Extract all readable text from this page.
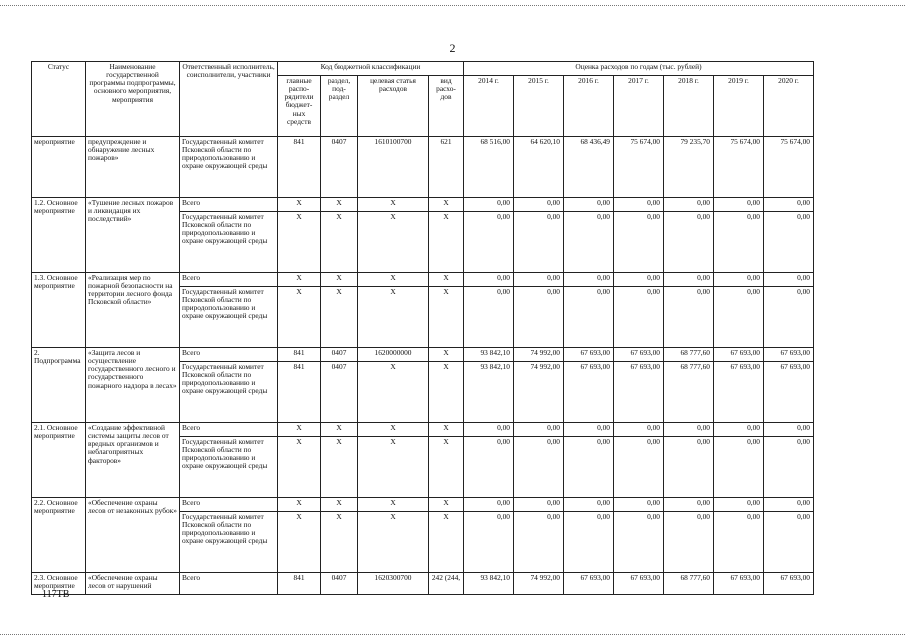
2
Статус	Наименование государственной программы подпрограммы, основного мероприятия, мероприятия	Ответственный исполнитель, соисполнители, участники	Код бюджетной классификации				Оценка расходов по годам (тыс. рублей)						
			главные распо-рядители бюджет-ных средств	раздел, под-раздел	целевая статья расходов	вид расхо-дов	2014 г.	2015 г.	2016 г.	2017 г.	2018 г.	2019 г.	2020 г.
мероприятие	предупреждение и обнаружение лесных пожаров»	Государственный комитет Псковской области по природопользованию и охране окружающей среды	841	0407	1610100700	621	68 516,00	64 620,10	68 436,49	75 674,00	79 235,70	75 674,00	75 674,00
1.2. Основное мероприятие	«Тушение лесных пожаров и ликвидация их последствий»	Всего	X	X	X	X	0,00	0,00	0,00	0,00	0,00	0,00	0,00
		Государственный комитет Псковской области по природопользованию и охране окружающей среды	X	X	X	X	0,00	0,00	0,00	0,00	0,00	0,00	0,00
1.3. Основное мероприятие	«Реализация мер по пожарной безопасности на территории лесного фонда Псковской области»	Всего	X	X	X	X	0,00	0,00	0,00	0,00	0,00	0,00	0,00
		Государственный комитет Псковской области по природопользованию и охране окружающей среды	X	X	X	X	0,00	0,00	0,00	0,00	0,00	0,00	0,00
2. Подпрограмма	«Защита лесов и осуществление государственного лесного и государственного пожарного надзора в лесах»	Всего	841	0407	1620000000	X	93 842,10	74 992,00	67 693,00	67 693,00	68 777,60	67 693,00	67 693,00
		Государственный комитет Псковской области по природопользованию и охране окружающей среды	841	0407	X	X	93 842,10	74 992,00	67 693,00	67 693,00	68 777,60	67 693,00	67 693,00
2.1. Основное мероприятие	«Создание эффективной системы защиты лесов от вредных организмов и неблагоприятных факторов»	Всего	X	X	X	X	0,00	0,00	0,00	0,00	0,00	0,00	0,00
		Государственный комитет Псковской области по природопользованию и охране окружающей среды	X	X	X	X	0,00	0,00	0,00	0,00	0,00	0,00	0,00
2.2. Основное мероприятие	«Обеспечение охраны лесов от незаконных рубок»	Всего	X	X	X	X	0,00	0,00	0,00	0,00	0,00	0,00	0,00
		Государственный комитет Псковской области по природопользованию и охране окружающей среды	X	X	X	X	0,00	0,00	0,00	0,00	0,00	0,00	0,00
2.3. Основное мероприятие	«Обеспечение охраны лесов от нарушений	Всего	841	0407	1620300700	242 (244,	93 842,10	74 992,00	67 693,00	67 693,00	68 777,60	67 693,00	67 693,00
117ТВ
